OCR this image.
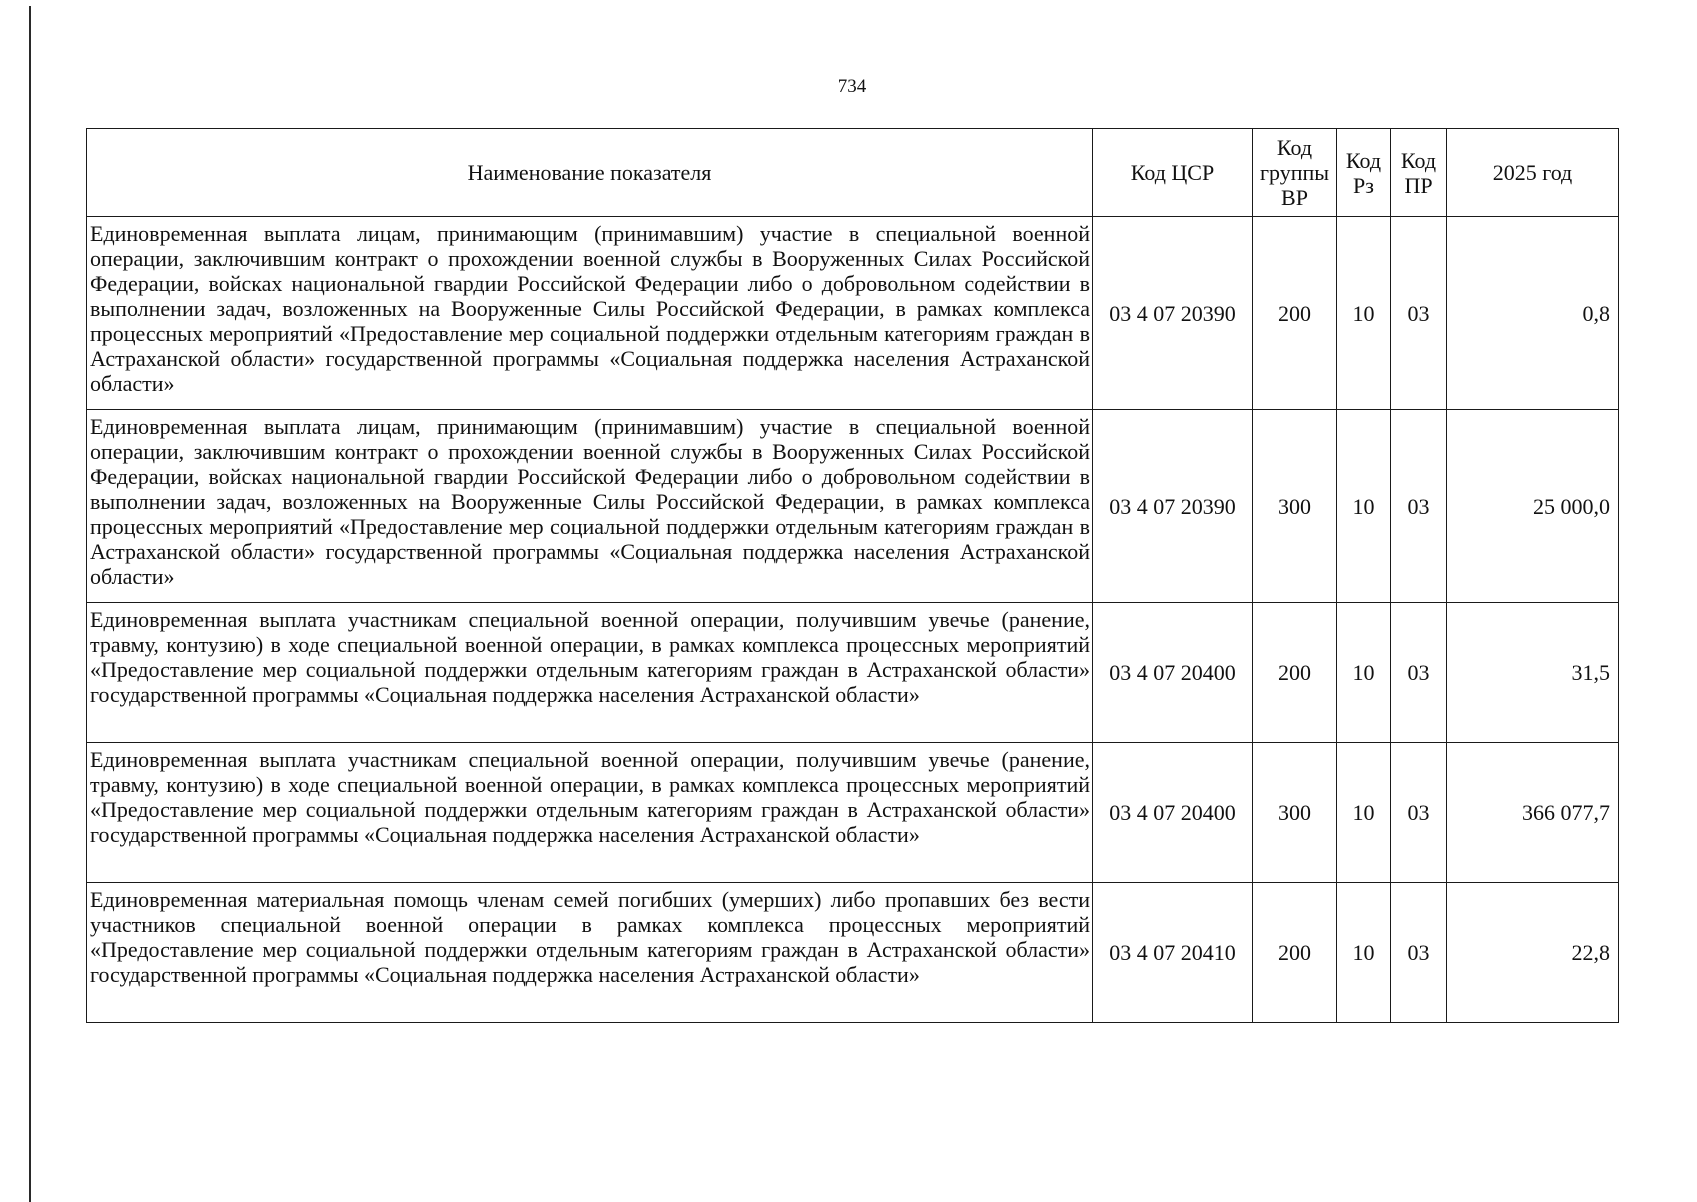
734
Наименование показателя	Код ЦСР	Код группы ВР	Код Рз	Код ПР	2025 год
Единовременная выплата лицам, принимающим (принимавшим) участие в специальной военной операции, заключившим контракт о прохождении военной службы в Вооруженных Силах Российской Федерации, войсках национальной гвардии Российской Федерации либо о добровольном содействии в выполнении задач, возложенных на Вооруженные Силы Российской Федерации, в рамках комплекса процессных мероприятий «Предоставление мер социальной поддержки отдельным категориям граждан в Астраханской области» государственной программы «Социальная поддержка населения Астраханской области»	03 4 07 20390	200	10	03	0,8
Единовременная выплата лицам, принимающим (принимавшим) участие в специальной военной операции, заключившим контракт о прохождении военной службы в Вооруженных Силах Российской Федерации, войсках национальной гвардии Российской Федерации либо о добровольном содействии в выполнении задач, возложенных на Вооруженные Силы Российской Федерации, в рамках комплекса процессных мероприятий «Предоставление мер социальной поддержки отдельным категориям граждан в Астраханской области» государственной программы «Социальная поддержка населения Астраханской области»	03 4 07 20390	300	10	03	25 000,0
Единовременная выплата участникам специальной военной операции, получившим увечье (ранение, травму, контузию) в ходе специальной военной операции, в рамках комплекса процессных мероприятий «Предоставление мер социальной поддержки отдельным категориям граждан в Астраханской области» государственной программы «Социальная поддержка населения Астраханской области»	03 4 07 20400	200	10	03	31,5
Единовременная выплата участникам специальной военной операции, получившим увечье (ранение, травму, контузию) в ходе специальной военной операции, в рамках комплекса процессных мероприятий «Предоставление мер социальной поддержки отдельным категориям граждан в Астраханской области» государственной программы «Социальная поддержка населения Астраханской области»	03 4 07 20400	300	10	03	366 077,7
Единовременная материальная помощь членам семей погибших (умерших) либо пропавших без вести участников специальной военной операции в рамках комплекса процессных мероприятий «Предоставление мер социальной поддержки отдельным категориям граждан в Астраханской области» государственной программы «Социальная поддержка населения Астраханской области»	03 4 07 20410	200	10	03	22,8
